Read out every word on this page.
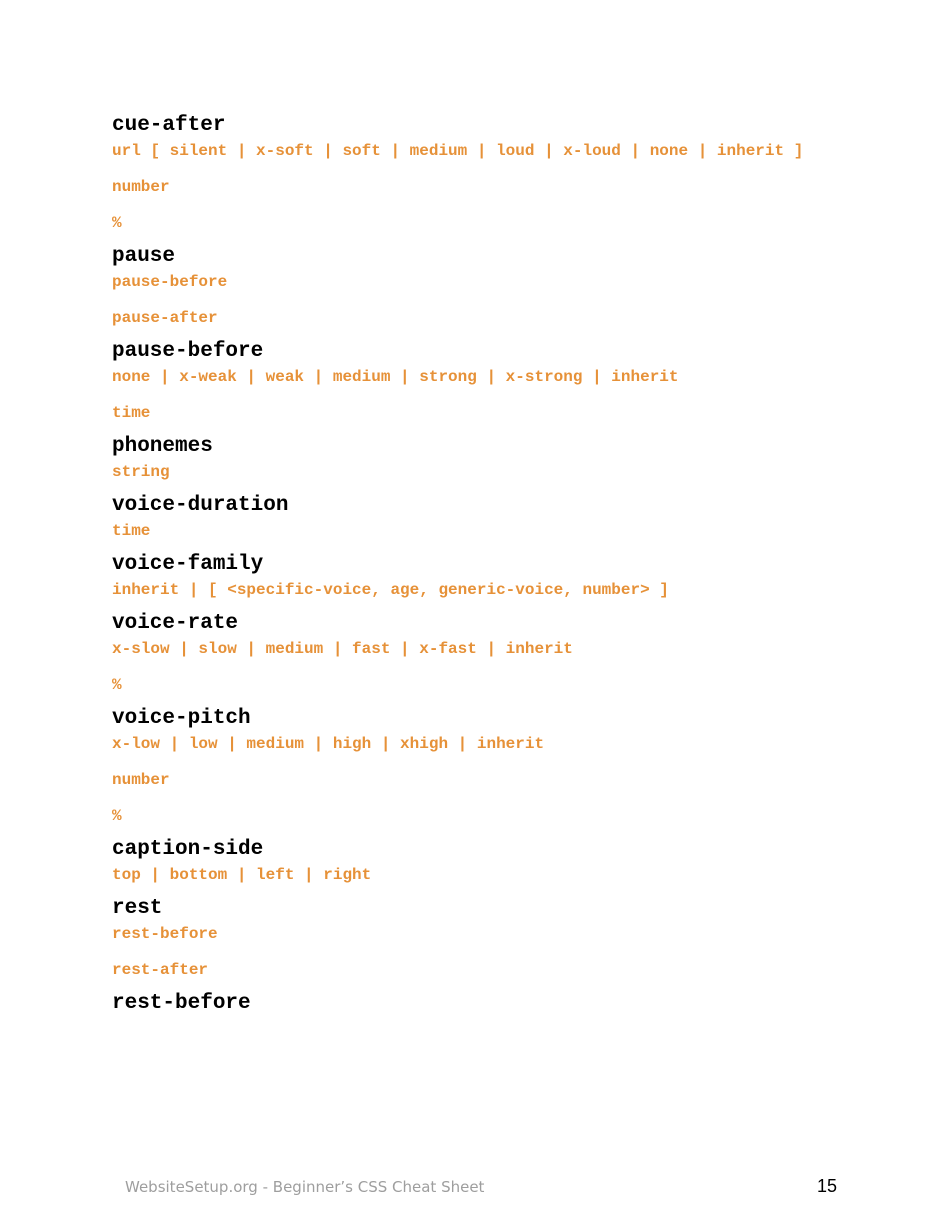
cue-after
url [ silent | x-soft | soft | medium | loud | x-loud | none | inherit ]
number
%
pause
pause-before
pause-after
pause-before
none | x-weak | weak | medium | strong | x-strong | inherit
time
phonemes
string
voice-duration
time
voice-family
inherit | [ <specific-voice, age, generic-voice, number> ]
voice-rate
x-slow | slow | medium | fast | x-fast | inherit
%
voice-pitch
x-low | low | medium | high | xhigh | inherit
number
%
caption-side
top | bottom | left | right
rest
rest-before
rest-after
rest-before
WebsiteSetup.org - Beginner’s CSS Cheat Sheet	15
